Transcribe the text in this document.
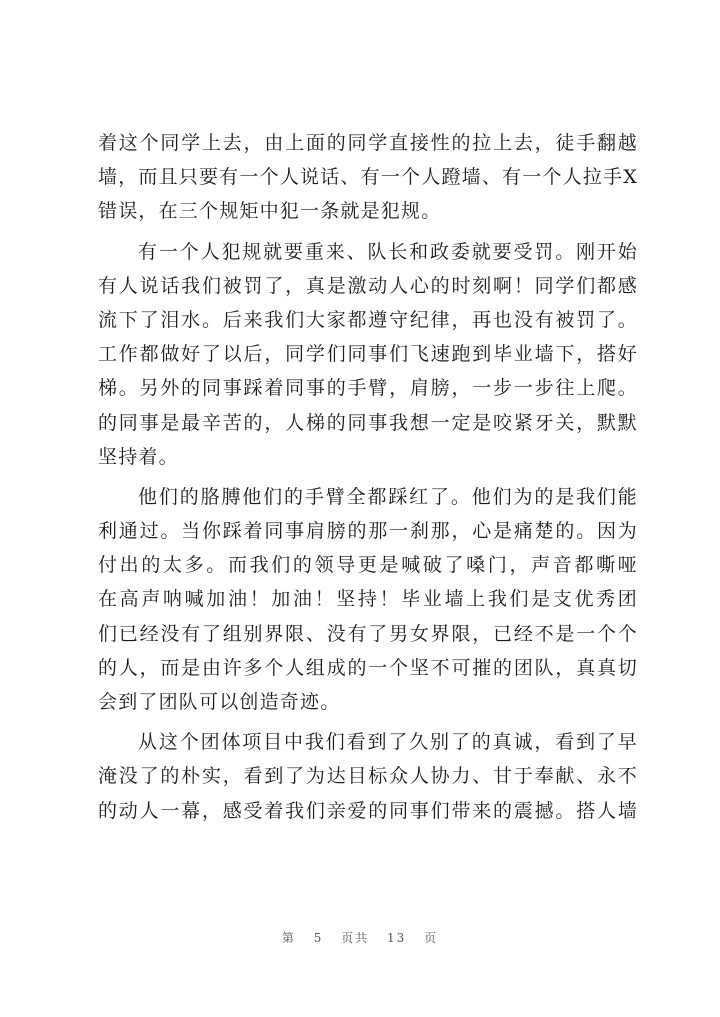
着这个同学上去，由上面的同学直接性的拉上去，徒手翻越
墙，而且只要有一个人说话、有一个人蹬墙、有一个人拉手X
错误，在三个规矩中犯一条就是犯规。
有一个人犯规就要重来、队长和政委就要受罚。刚开始
有人说话我们被罚了，真是激动人心的时刻啊！同学们都感
流下了泪水。后来我们大家都遵守纪律，再也没有被罚了。
工作都做好了以后，同学们同事们飞速跑到毕业墙下，搭好
梯。另外的同事踩着同事的手臂，肩膀，一步一步往上爬。
的同事是最辛苦的，人梯的同事我想一定是咬紧牙关，默默
坚持着。
他们的胳膊他们的手臂全都踩红了。他们为的是我们能
利通过。当你踩着同事肩膀的那一刹那，心是痛楚的。因为
付出的太多。而我们的领导更是喊破了嗓门，声音都嘶哑
在高声呐喊加油！加油！坚持！毕业墙上我们是支优秀团
们已经没有了组别界限、没有了男女界限，已经不是一个个
的人，而是由许多个人组成的一个坚不可摧的团队，真真切
会到了团队可以创造奇迹。
从这个团体项目中我们看到了久别了的真诚，看到了早
淹没了的朴实，看到了为达目标众人协力、甘于奉献、永不
的动人一幕，感受着我们亲爱的同事们带来的震撼。搭人墙
第 5 页共 13 页
